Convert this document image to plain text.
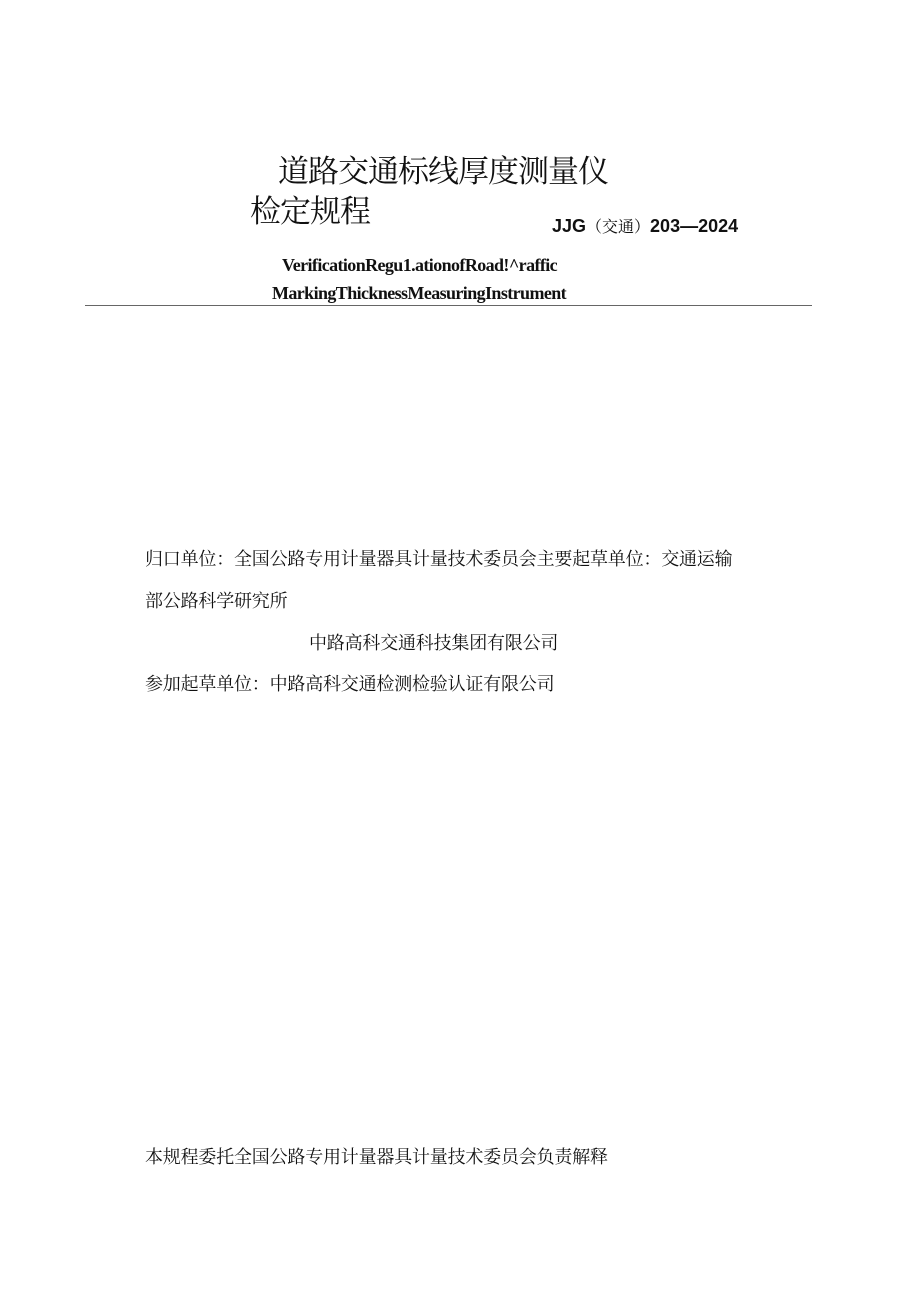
道路交通标线厚度测量仪
检定规程	JJG（交通）203—2024
VerificationRegu1.ationofRoad!^raffic
MarkingThicknessMeasuringInstrument
归口单位：全国公路专用计量器具计量技术委员会主要起草单位：交通运输
部公路科学研究所
中路高科交通科技集团有限公司
参加起草单位：中路高科交通检测检验认证有限公司
本规程委托全国公路专用计量器具计量技术委员会负责解释
